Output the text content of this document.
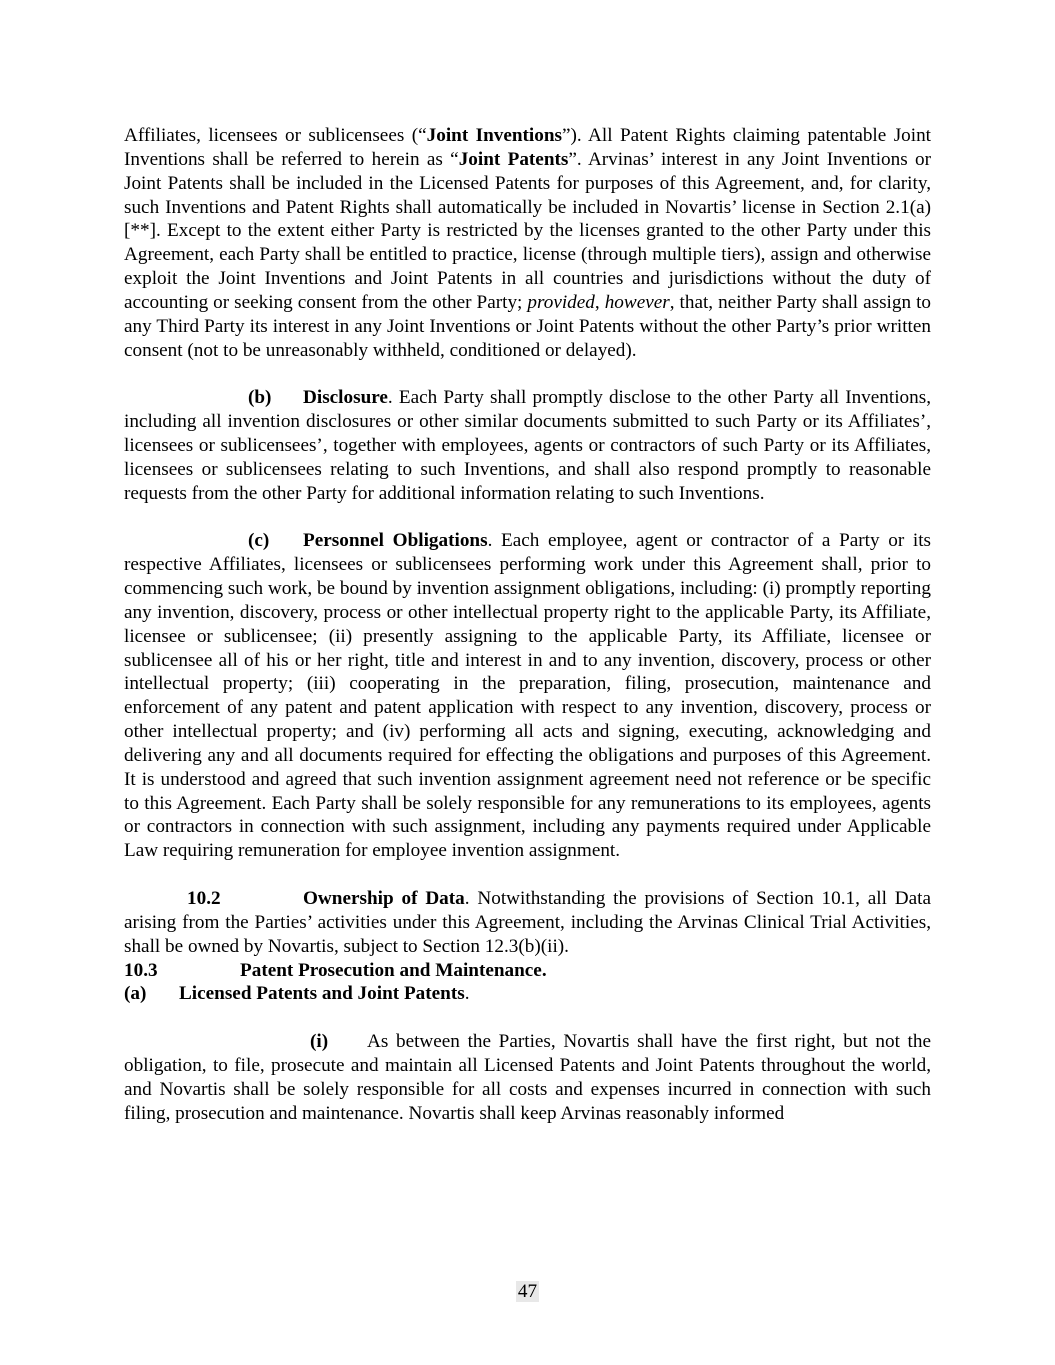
Affiliates, licensees or sublicensees (“Joint Inventions”). All Patent Rights claiming patentable Joint Inventions shall be referred to herein as “Joint Patents”. Arvinas’ interest in any Joint Inventions or Joint Patents shall be included in the Licensed Patents for purposes of this Agreement, and, for clarity, such Inventions and Patent Rights shall automatically be included in Novartis’ license in Section 2.1(a) [**]. Except to the extent either Party is restricted by the licenses granted to the other Party under this Agreement, each Party shall be entitled to practice, license (through multiple tiers), assign and otherwise exploit the Joint Inventions and Joint Patents in all countries and jurisdictions without the duty of accounting or seeking consent from the other Party; provided, however, that, neither Party shall assign to any Third Party its interest in any Joint Inventions or Joint Patents without the other Party’s prior written consent (not to be unreasonably withheld, conditioned or delayed).

(b) Disclosure. Each Party shall promptly disclose to the other Party all Inventions, including all invention disclosures or other similar documents submitted to such Party or its Affiliates’, licensees or sublicensees’, together with employees, agents or contractors of such Party or its Affiliates, licensees or sublicensees relating to such Inventions, and shall also respond promptly to reasonable requests from the other Party for additional information relating to such Inventions.

(c) Personnel Obligations. Each employee, agent or contractor of a Party or its respective Affiliates, licensees or sublicensees performing work under this Agreement shall, prior to commencing such work, be bound by invention assignment obligations, including: (i) promptly reporting any invention, discovery, process or other intellectual property right to the applicable Party, its Affiliate, licensee or sublicensee; (ii) presently assigning to the applicable Party, its Affiliate, licensee or sublicensee all of his or her right, title and interest in and to any invention, discovery, process or other intellectual property; (iii) cooperating in the preparation, filing, prosecution, maintenance and enforcement of any patent and patent application with respect to any invention, discovery, process or other intellectual property; and (iv) performing all acts and signing, executing, acknowledging and delivering any and all documents required for effecting the obligations and purposes of this Agreement. It is understood and agreed that such invention assignment agreement need not reference or be specific to this Agreement. Each Party shall be solely responsible for any remunerations to its employees, agents or contractors in connection with such assignment, including any payments required under Applicable Law requiring remuneration for employee invention assignment.

10.2	Ownership of Data. Notwithstanding the provisions of Section 10.1, all Data arising from the Parties’ activities under this Agreement, including the Arvinas Clinical Trial Activities, shall be owned by Novartis, subject to Section 12.3(b)(ii).

10.3	Patent Prosecution and Maintenance.

(a) Licensed Patents and Joint Patents.

(i) As between the Parties, Novartis shall have the first right, but not the obligation, to file, prosecute and maintain all Licensed Patents and Joint Patents throughout the world, and Novartis shall be solely responsible for all costs and expenses incurred in connection with such filing, prosecution and maintenance. Novartis shall keep Arvinas reasonably informed

47
